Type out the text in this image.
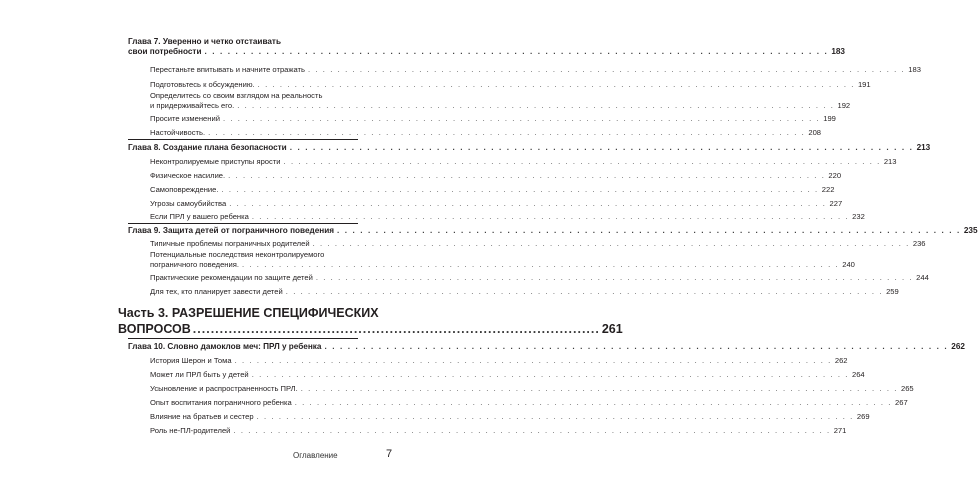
Глава 7. Уверенно и четко отстаивать
свои потребности . . .	183
Перестаньте впитывать и начните отражать . . .	183
Подготовьтесь к обсуждению. . . .	191
Определитесь со своим взглядом на реальность
и придерживайтесь его. . . .	192
Просите изменений . . .	199
Настойчивость. . . .	208
Глава 8. Создание плана безопасности . . .	213
Неконтролируемые приступы ярости . . .	213
Физическое насилие. . . .	220
Самоповреждение. . . .	222
Угрозы самоубийства . . .	227
Если ПРЛ у вашего ребенка . . .	232
Глава 9. Защита детей от пограничного поведения . . .	235
Типичные проблемы пограничных родителей . . .	236
Потенциальные последствия неконтролируемого
пограничного поведения. . . .	240
Практические рекомендации по защите детей . . .	244
Для тех, кто планирует завести детей . . .	259
Часть 3. РАЗРЕШЕНИЕ СПЕЦИФИЧЕСКИХ
ВОПРОСОВ .....	261
Глава 10. Словно дамоклов меч: ПРЛ у ребенка . . .	262
История Шерон и Тома . . .	262
Может ли ПРЛ быть у детей . . .	264
Усыновление и распространенность ПРЛ. . . .	265
Опыт воспитания пограничного ребенка . . .	267
Влияние на братьев и сестер . . .	269
Роль не-ПЛ-родителей . . .	271
Оглавление	7
